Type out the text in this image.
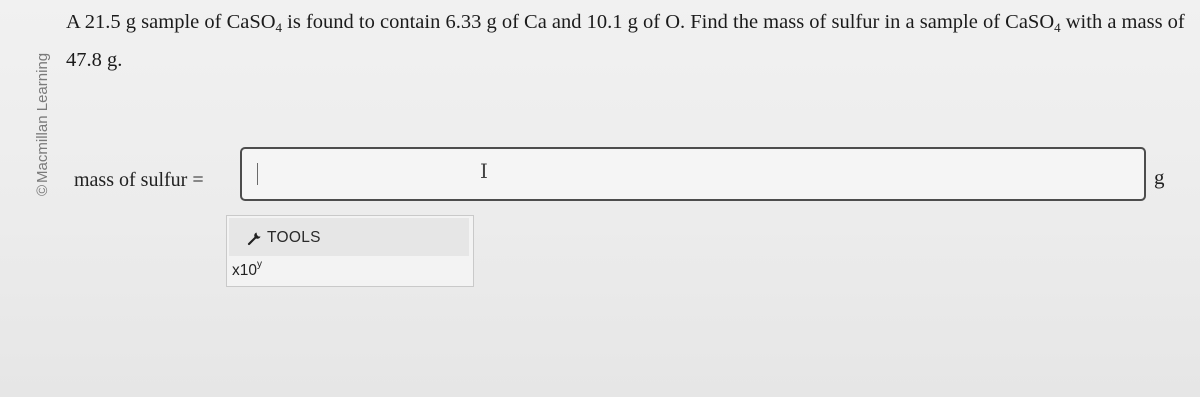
©Macmillan Learning
A 21.5 g sample of CaSO$_4$ is found to contain 6.33 g of Ca and 10.1 g of O. Find the mass of sulfur in a sample of CaSO$_4$ with a mass of 47.8 g.
mass of sulfur =	I	g
TOOLS
x10$^y$
